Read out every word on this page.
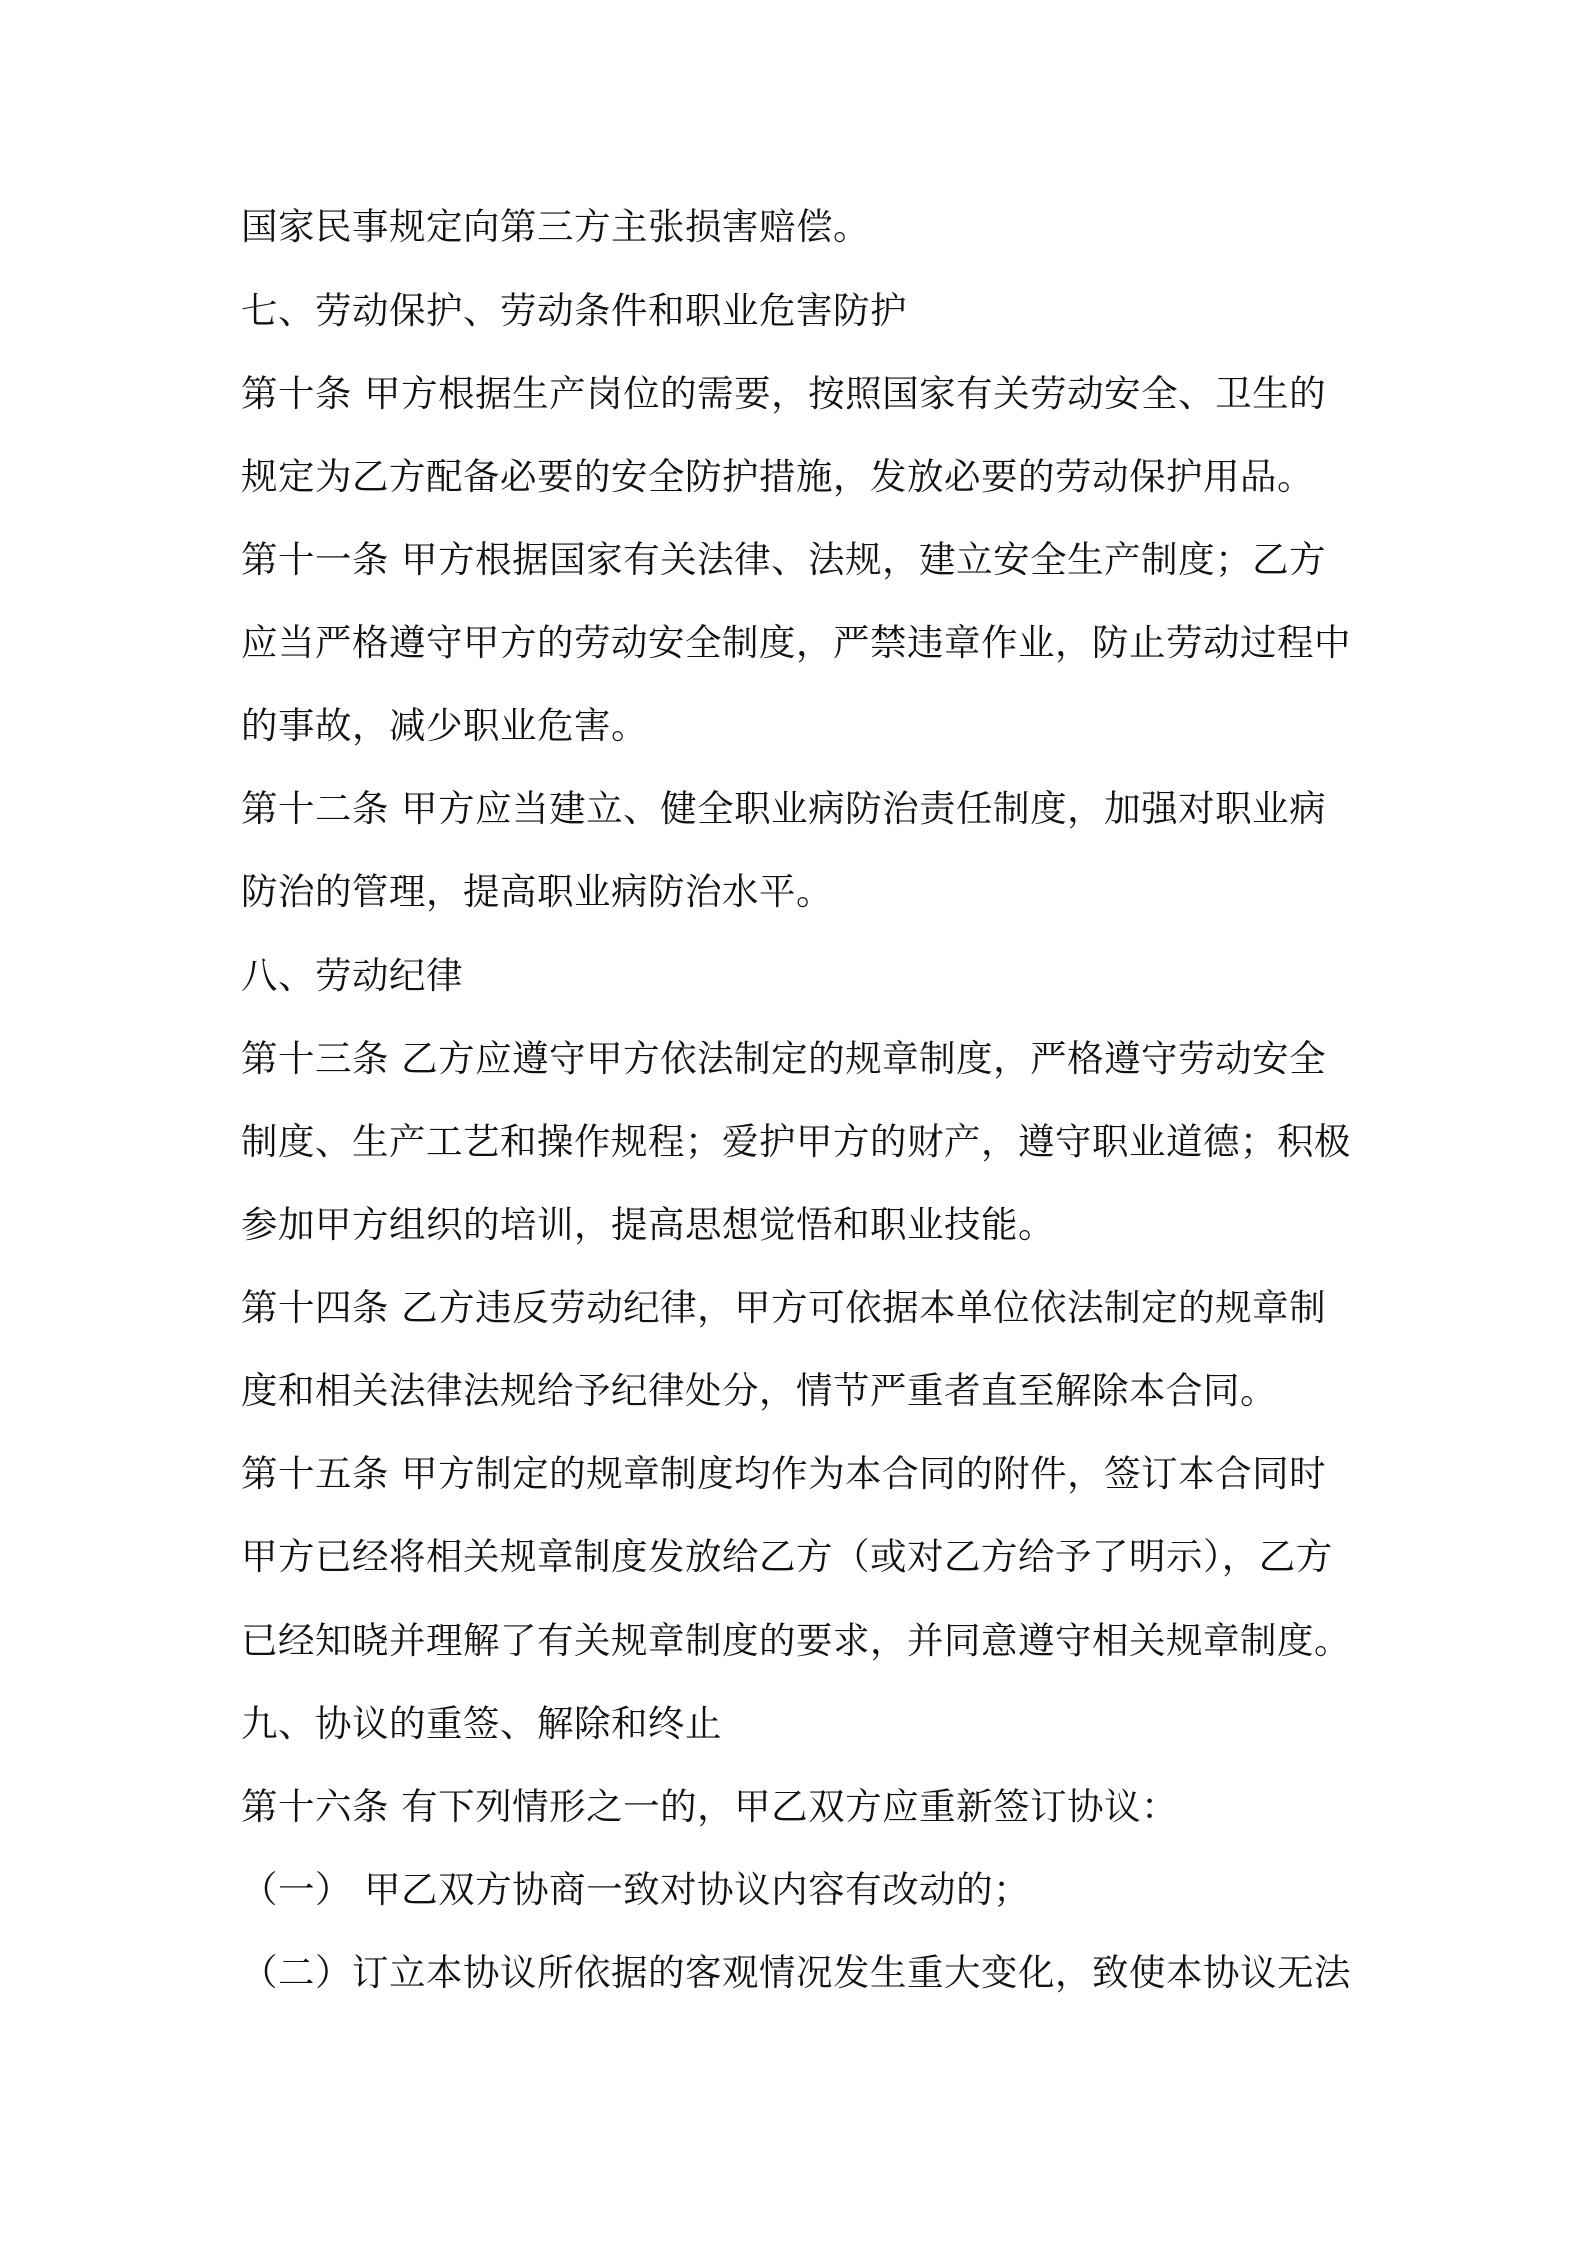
国家民事规定向第三方主张损害赔偿。
七、劳动保护、劳动条件和职业危害防护
第十条 甲方根据生产岗位的需要，按照国家有关劳动安全、卫生的
规定为乙方配备必要的安全防护措施，发放必要的劳动保护用品。
第十一条 甲方根据国家有关法律、法规，建立安全生产制度；乙方
应当严格遵守甲方的劳动安全制度，严禁违章作业，防止劳动过程中
的事故，减少职业危害。
第十二条 甲方应当建立、健全职业病防治责任制度，加强对职业病
防治的管理，提高职业病防治水平。
八、劳动纪律
第十三条 乙方应遵守甲方依法制定的规章制度，严格遵守劳动安全
制度、生产工艺和操作规程；爱护甲方的财产，遵守职业道德；积极
参加甲方组织的培训，提高思想觉悟和职业技能。
第十四条 乙方违反劳动纪律，甲方可依据本单位依法制定的规章制
度和相关法律法规给予纪律处分，情节严重者直至解除本合同。
第十五条 甲方制定的规章制度均作为本合同的附件，签订本合同时
甲方已经将相关规章制度发放给乙方（或对乙方给予了明示），乙方
已经知晓并理解了有关规章制度的要求，并同意遵守相关规章制度。
九、协议的重签、解除和终止
第十六条 有下列情形之一的，甲乙双方应重新签订协议：
（一） 甲乙双方协商一致对协议内容有改动的；
（二）订立本协议所依据的客观情况发生重大变化，致使本协议无法
